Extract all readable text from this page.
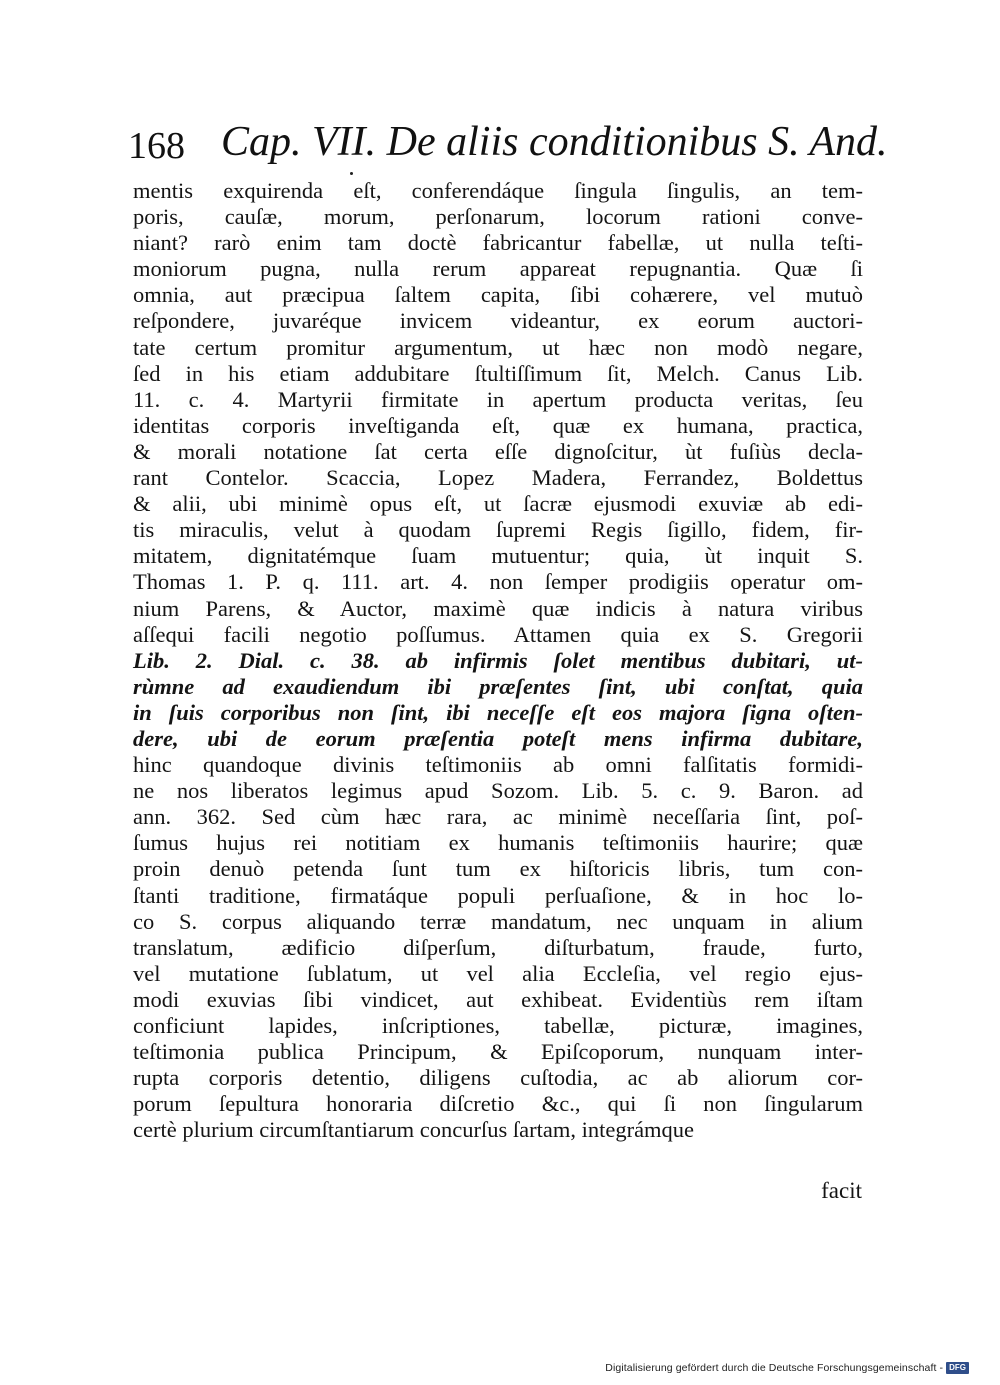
168 Cap. VII. De aliis conditionibus S. And.
mentis exquirenda eſt, conferendáque ſingula ſingulis, an tem-
poris, cauſæ, morum, perſonarum, locorum rationi conve-
niant? rarò enim tam doctè fabricantur fabellæ, ut nulla teſti-
moniorum pugna, nulla rerum appareat repugnantia. Quæ ſi
omnia, aut præcipua ſaltem capita, ſibi cohærere, vel mutuò
reſpondere, juvaréque invicem videantur, ex eorum auctori-
tate certum promitur argumentum, ut hæc non modò negare,
ſed in his etiam addubitare ſtultiſſimum ſit, Melch. Canus Lib.
11. c. 4. Martyrii firmitate in apertum producta veritas, ſeu
identitas corporis inveſtiganda eſt, quæ ex humana, practica,
& morali notatione ſat certa eſſe dignoſcitur, ùt fuſiùs decla-
rant Contelor. Scaccia, Lopez Madera, Ferrandez, Boldettus
& alii, ubi minimè opus eſt, ut ſacræ ejusmodi exuviæ ab edi-
tis miraculis, velut à quodam ſupremi Regis ſigillo, fidem, fir-
mitatem, dignitatémque ſuam mutuentur; quia, ùt inquit S.
Thomas 1. P. q. 111. art. 4. non ſemper prodigiis operatur om-
nium Parens, & Auctor, maximè quæ indicis à natura viribus
aſſequi facili negotio poſſumus. Attamen quia ex S. Gregorii
Lib. 2. Dial. c. 38. ab infirmis ſolet mentibus dubitari, ut-
rùmne ad exaudiendum ibi præſentes ſint, ubi conſtat, quia
in ſuis corporibus non ſint, ibi neceſſe eſt eos majora ſigna oſten-
dere, ubi de eorum præſentia poteſt mens infirma dubitare,
hinc quandoque divinis teſtimoniis ab omni falſitatis formidi-
ne nos liberatos legimus apud Sozom. Lib. 5. c. 9. Baron. ad
ann. 362. Sed cùm hæc rara, ac minimè neceſſaria ſint, poſ-
ſumus hujus rei notitiam ex humanis teſtimoniis haurire; quæ
proin denuò petenda ſunt tum ex hiſtoricis libris, tum con-
ſtanti traditione, firmatáque populi perſuaſione, & in hoc lo-
co S. corpus aliquando terræ mandatum, nec unquam in alium
translatum, ædificio diſperſum, diſturbatum, fraude, furto,
vel mutatione ſublatum, ut vel alia Eccleſia, vel regio ejus-
modi exuvias ſibi vindicet, aut exhibeat. Evidentiùs rem iſtam
conficiunt lapides, inſcriptiones, tabellæ, picturæ, imagines,
teſtimonia publica Principum, & Epiſcoporum, nunquam inter-
rupta corporis detentio, diligens cuſtodia, ac ab aliorum cor-
porum ſepultura honoraria diſcretio &c., qui ſi non ſingularum
certè plurium circumſtantiarum concurſus ſartam, integrámque
facit
Digitalisierung gefördert durch die Deutsche Forschungsgemeinschaft - DFG
